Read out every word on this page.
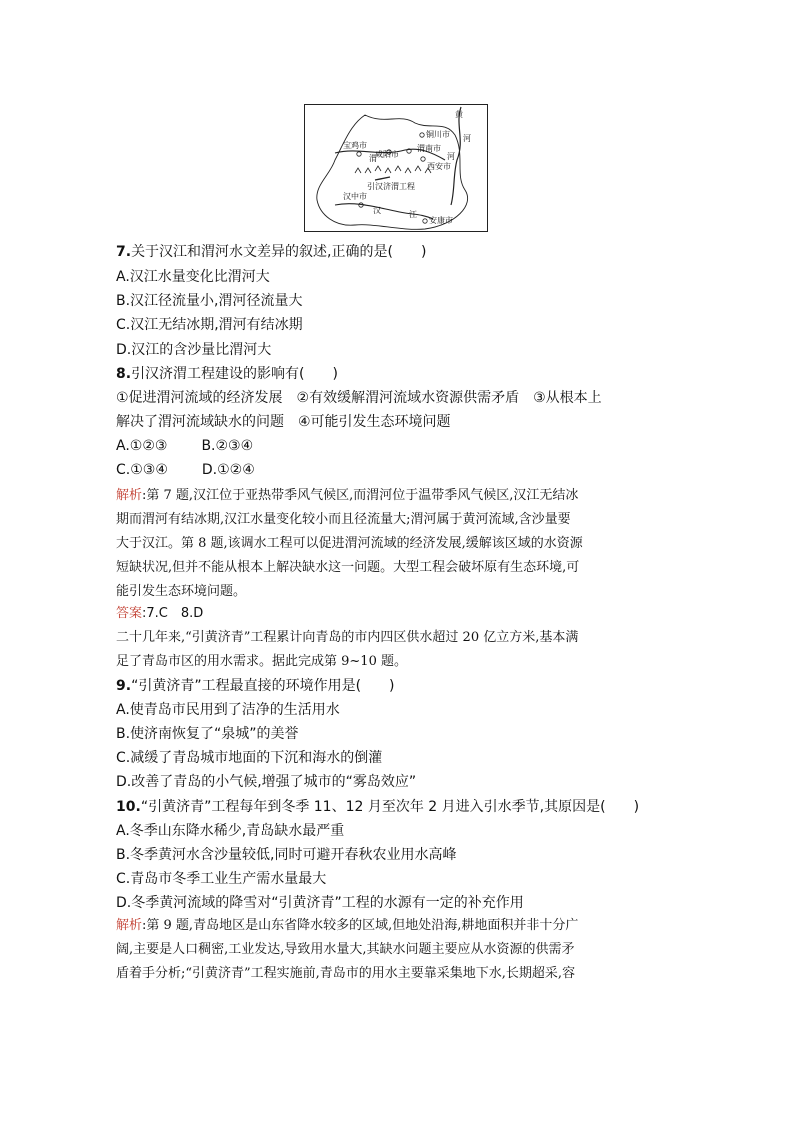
黄
河
铜川市
宝鸡市
咸阳市
渭南市
渭	河
西安市
引汉济渭工程
汉中市
汉	江
安康市
7.关于汉江和渭河水文差异的叙述,正确的是(　　)
A.汉江水量变化比渭河大
B.汉江径流量小,渭河径流量大
C.汉江无结冰期,渭河有结冰期
D.汉江的含沙量比渭河大
8.引汉济渭工程建设的影响有(　　)
①促进渭河流域的经济发展　②有效缓解渭河流域水资源供需矛盾　③从根本上
解决了渭河流域缺水的问题　④可能引发生态环境问题
A.①②③ B.②③④
C.①③④ D.①②④
解析:第 7 题,汉江位于亚热带季风气候区,而渭河位于温带季风气候区,汉江无结冰
期而渭河有结冰期,汉江水量变化较小而且径流量大;渭河属于黄河流域,含沙量要
大于汉江。第 8 题,该调水工程可以促进渭河流域的经济发展,缓解该区域的水资源
短缺状况,但并不能从根本上解决缺水这一问题。大型工程会破坏原有生态环境,可
能引发生态环境问题。
答案:7.C　8.D
二十几年来,“引黄济青”工程累计向青岛的市内四区供水超过 20 亿立方米,基本满
足了青岛市区的用水需求。据此完成第 9~10 题。
9.“引黄济青”工程最直接的环境作用是(　　)
A.使青岛市民用到了洁净的生活用水
B.使济南恢复了“泉城”的美誉
C.减缓了青岛城市地面的下沉和海水的倒灌
D.改善了青岛的小气候,增强了城市的“雾岛效应”
10.“引黄济青”工程每年到冬季 11、12 月至次年 2 月进入引水季节,其原因是(　　)
A.冬季山东降水稀少,青岛缺水最严重
B.冬季黄河水含沙量较低,同时可避开春秋农业用水高峰
C.青岛市冬季工业生产需水量最大
D.冬季黄河流域的降雪对“引黄济青”工程的水源有一定的补充作用
解析:第 9 题,青岛地区是山东省降水较多的区域,但地处沿海,耕地面积并非十分广
阔,主要是人口稠密,工业发达,导致用水量大,其缺水问题主要应从水资源的供需矛
盾着手分析;“引黄济青”工程实施前,青岛市的用水主要靠采集地下水,长期超采,容
